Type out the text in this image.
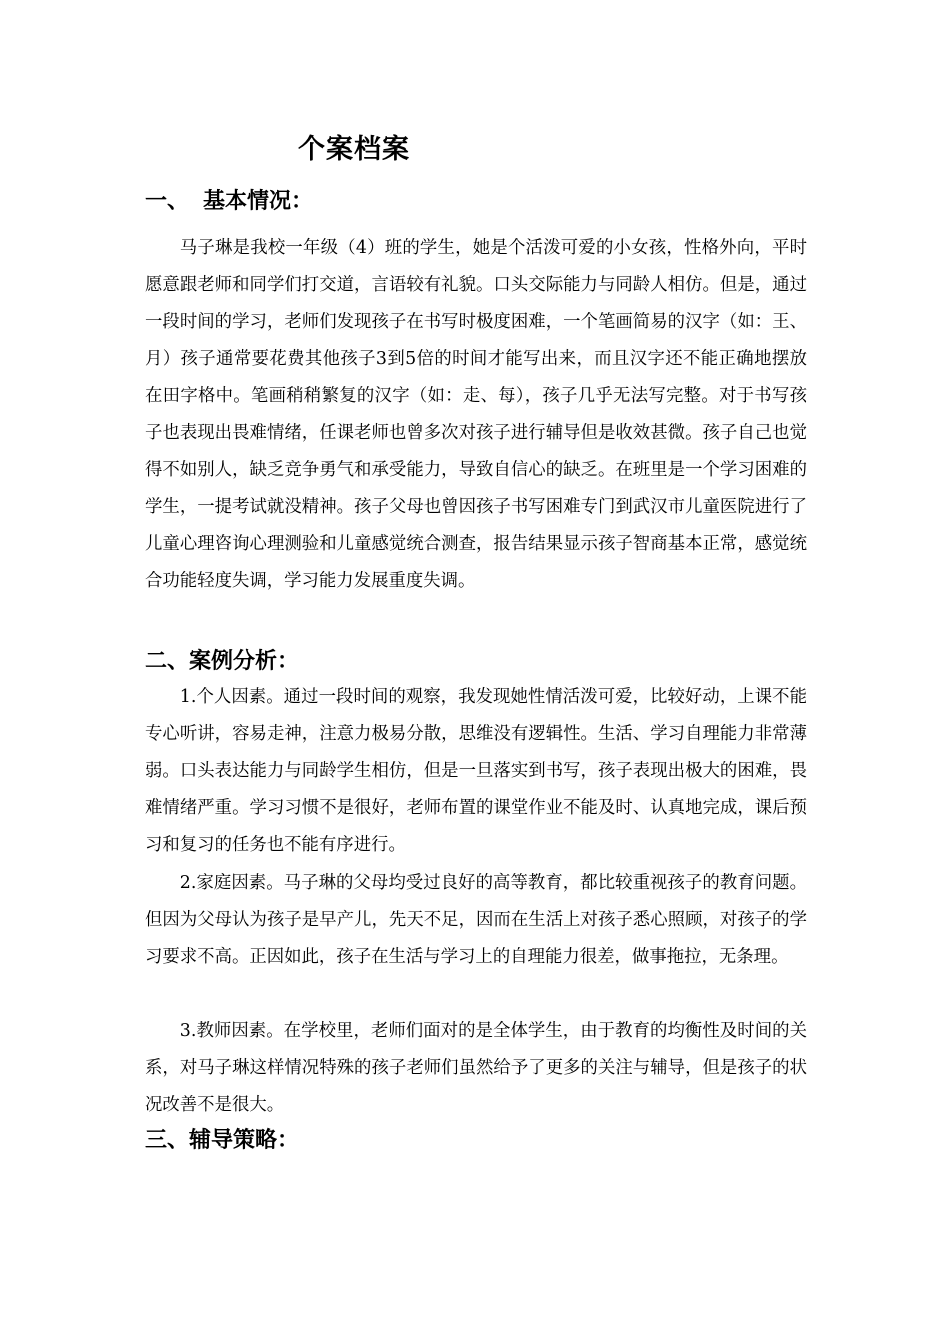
个案档案
一、 基本情况：

马子琳是我校一年级（4）班的学生，她是个活泼可爱的小女孩，性格外向，平时愿意跟老师和同学们打交道，言语较有礼貌。口头交际能力与同龄人相仿。但是，通过一段时间的学习，老师们发现孩子在书写时极度困难，一个笔画简易的汉字（如：王、月）孩子通常要花费其他孩子3到5倍的时间才能写出来，而且汉字还不能正确地摆放在田字格中。笔画稍稍繁复的汉字（如：走、每），孩子几乎无法写完整。对于书写孩子也表现出畏难情绪，任课老师也曾多次对孩子进行辅导但是收效甚微。孩子自己也觉得不如别人，缺乏竞争勇气和承受能力，导致自信心的缺乏。在班里是一个学习困难的学生，一提考试就没精神。孩子父母也曾因孩子书写困难专门到武汉市儿童医院进行了儿童心理咨询心理测验和儿童感觉统合测查，报告结果显示孩子智商基本正常，感觉统合功能轻度失调，学习能力发展重度失调。

二、案例分析：

1.个人因素。通过一段时间的观察，我发现她性情活泼可爱，比较好动，上课不能专心听讲，容易走神，注意力极易分散，思维没有逻辑性。生活、学习自理能力非常薄弱。口头表达能力与同龄学生相仿，但是一旦落实到书写，孩子表现出极大的困难，畏难情绪严重。学习习惯不是很好，老师布置的课堂作业不能及时、认真地完成，课后预习和复习的任务也不能有序进行。

2.家庭因素。马子琳的父母均受过良好的高等教育，都比较重视孩子的教育问题。但因为父母认为孩子是早产儿，先天不足，因而在生活上对孩子悉心照顾，对孩子的学习要求不高。正因如此，孩子在生活与学习上的自理能力很差，做事拖拉，无条理。

3.教师因素。在学校里，老师们面对的是全体学生，由于教育的均衡性及时间的关系，对马子琳这样情况特殊的孩子老师们虽然给予了更多的关注与辅导，但是孩子的状况改善不是很大。

三、辅导策略：
